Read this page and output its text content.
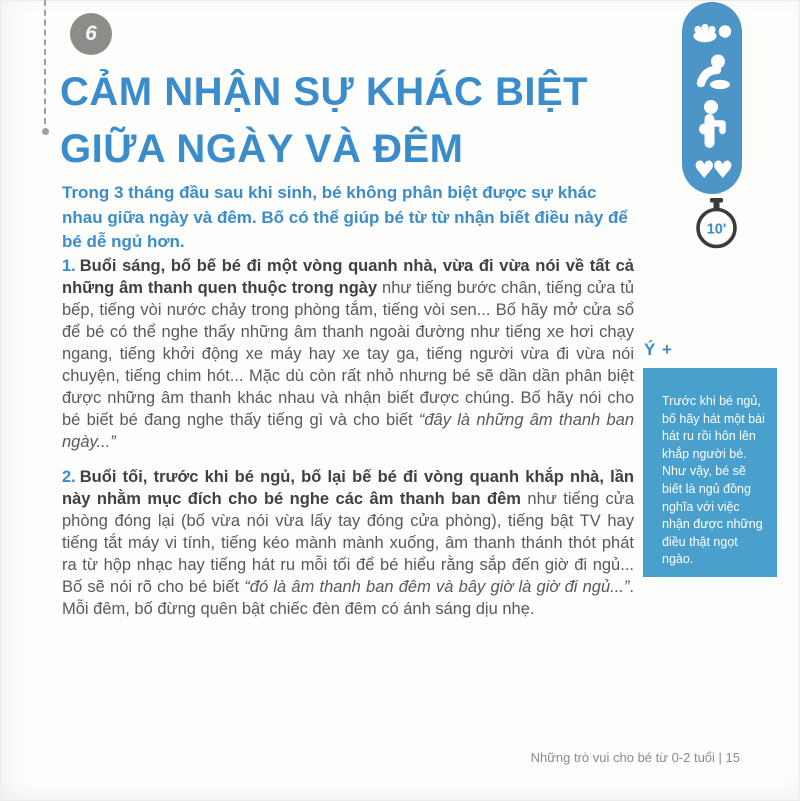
6
CẢM NHẬN SỰ KHÁC BIỆT
GIỮA NGÀY VÀ ĐÊM
Trong 3 tháng đầu sau khi sinh, bé không phân biệt được sự khác nhau giữa ngày và đêm. Bố có thể giúp bé từ từ nhận biết điều này để bé dễ ngủ hơn.

1. Buổi sáng, bố bế bé đi một vòng quanh nhà, vừa đi vừa nói về tất cả những âm thanh quen thuộc trong ngày như tiếng bước chân, tiếng cửa tủ bếp, tiếng vòi nước chảy trong phòng tắm, tiếng vòi sen... Bố hãy mở cửa sổ để bé có thể nghe thấy những âm thanh ngoài đường như tiếng xe hơi chạy ngang, tiếng khởi động xe máy hay xe tay ga, tiếng người vừa đi vừa nói chuyện, tiếng chim hót... Mặc dù còn rất nhỏ nhưng bé sẽ dần dần phân biệt được những âm thanh khác nhau và nhận biết được chúng. Bố hãy nói cho bé biết bé đang nghe thấy tiếng gì và cho biết “đây là những âm thanh ban ngày...”

2. Buổi tối, trước khi bé ngủ, bố lại bế bé đi vòng quanh khắp nhà, lần này nhằm mục đích cho bé nghe các âm thanh ban đêm như tiếng cửa phòng đóng lại (bố vừa nói vừa lấy tay đóng cửa phòng), tiếng bật TV hay tiếng tắt máy vi tính, tiếng kéo mành mành xuống, âm thanh thánh thót phát ra từ hộp nhạc hay tiếng hát ru mỗi tối để bé hiểu rằng sắp đến giờ đi ngủ... Bố sẽ nói rõ cho bé biết “đó là âm thanh ban đêm và bây giờ là giờ đi ngủ...”. Mỗi đêm, bố đừng quên bật chiếc đèn đêm có ánh sáng dịu nhẹ.

♥♥
10'
Ý +
Trước khi bé ngủ, bố hãy hát một bài hát ru rồi hôn lên khắp người bé. Như vậy, bé sẽ biết là ngủ đồng nghĩa với việc nhận được những điều thật ngọt ngào.
Những trò vui cho bé từ 0-2 tuổi | 15
